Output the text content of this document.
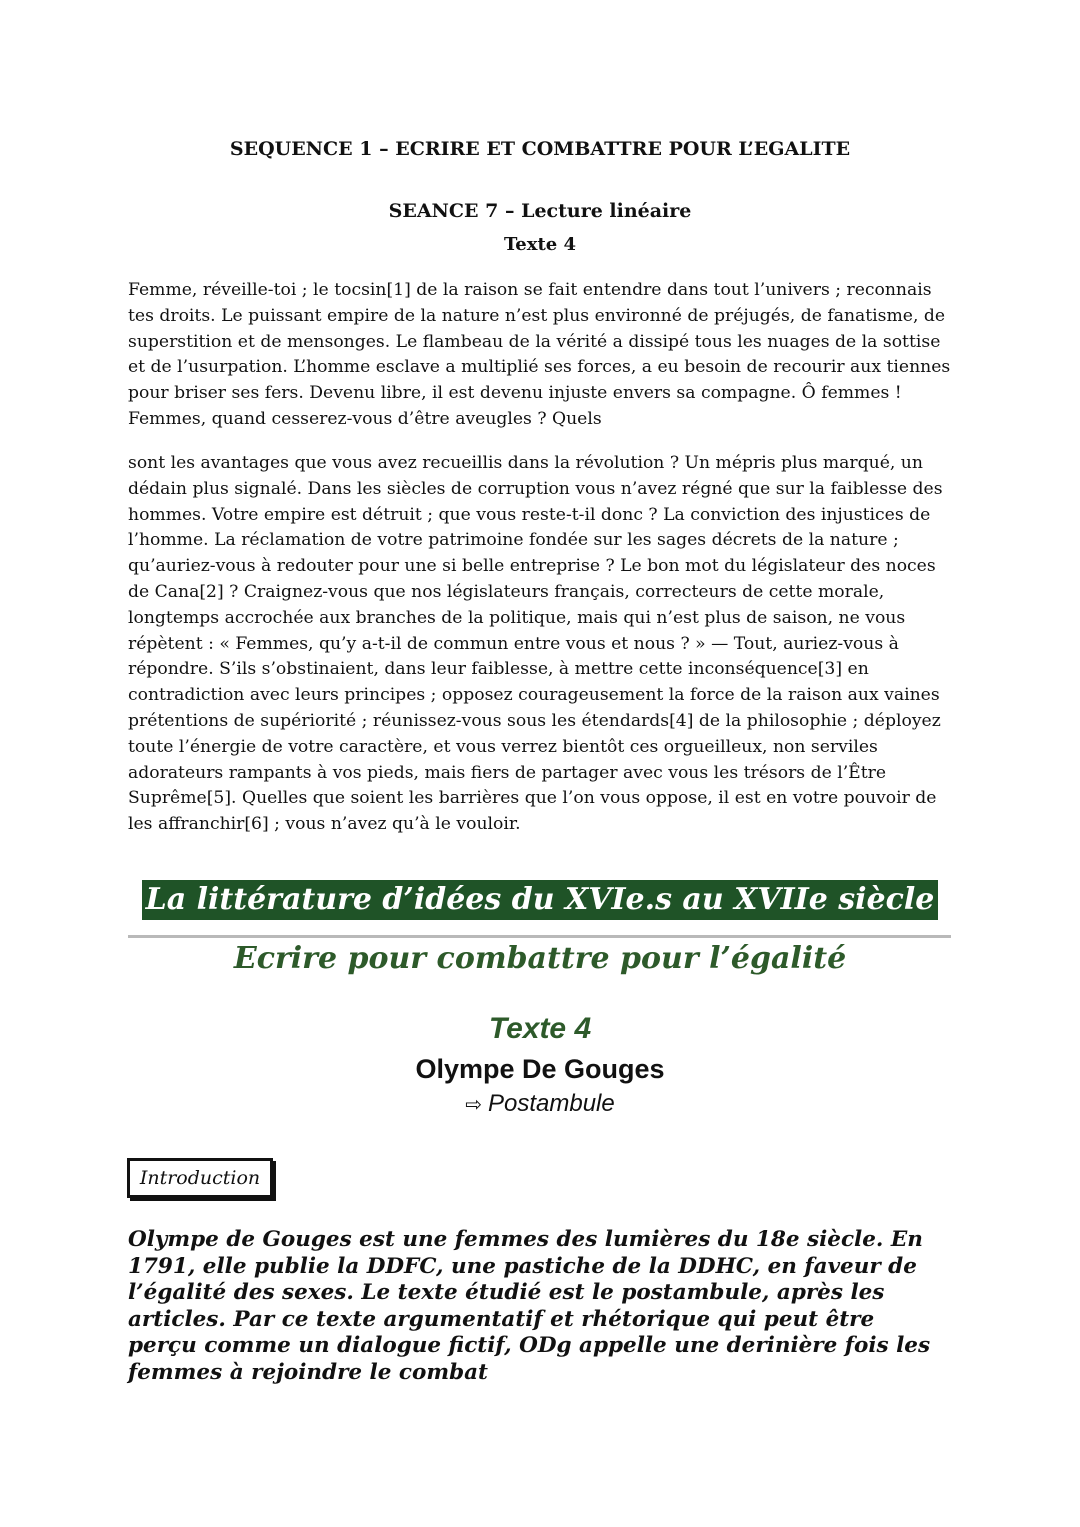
SEQUENCE 1 – ECRIRE ET COMBATTRE POUR L’EGALITE
SEANCE 7 – Lecture linéaire
Texte 4

Femme, réveille-toi ; le tocsin[1] de la raison se fait entendre dans tout l’univers ; reconnais tes droits. Le puissant empire de la nature n’est plus environné de préjugés, de fanatisme, de superstition et de mensonges. Le flambeau de la vérité a dissipé tous les nuages de la sottise et de l’usurpation. L’homme esclave a multiplié ses forces, a eu besoin de recourir aux tiennes pour briser ses fers. Devenu libre, il est devenu injuste envers sa compagne. Ô femmes ! Femmes, quand cesserez-vous d’être aveugles ? Quels

sont les avantages que vous avez recueillis dans la révolution ? Un mépris plus marqué, un dédain plus signalé. Dans les siècles de corruption vous n’avez régné que sur la faiblesse des hommes. Votre empire est détruit ; que vous reste-t-il donc ? La conviction des injustices de l’homme. La réclamation de votre patrimoine fondée sur les sages décrets de la nature ; qu’auriez-vous à redouter pour une si belle entreprise ? Le bon mot du législateur des noces de Cana[2] ? Craignez-vous que nos législateurs français, correcteurs de cette morale, longtemps accrochée aux branches de la politique, mais qui n’est plus de saison, ne vous répètent : « Femmes, qu’y a-t-il de commun entre vous et nous ? » — Tout, auriez-vous à répondre. S’ils s’obstinaient, dans leur faiblesse, à mettre cette inconséquence[3] en contradiction avec leurs principes ; opposez courageusement la force de la raison aux vaines prétentions de supériorité ; réunissez-vous sous les étendards[4] de la philosophie ; déployez toute l’énergie de votre caractère, et vous verrez bientôt ces orgueilleux, non serviles adorateurs rampants à vos pieds, mais fiers de partager avec vous les trésors de l’Être Suprême[5]. Quelles que soient les barrières que l’on vous oppose, il est en votre pouvoir de les affranchir[6] ; vous n’avez qu’à le vouloir.

La littérature d’idées du XVIe.s au XVIIe siècle
Ecrire pour combattre pour l’égalité
Texte 4
Olympe De Gouges
⇨ Postambule
Introduction

Olympe de Gouges est une femmes des lumières du 18e siècle. En 1791, elle publie la DDFC, une pastiche de la DDHC, en faveur de l’égalité des sexes. Le texte étudié est le postambule, après les articles. Par ce texte argumentatif et rhétorique qui peut être perçu comme un dialogue fictif, ODg appelle une derinière fois les femmes à rejoindre le combat
